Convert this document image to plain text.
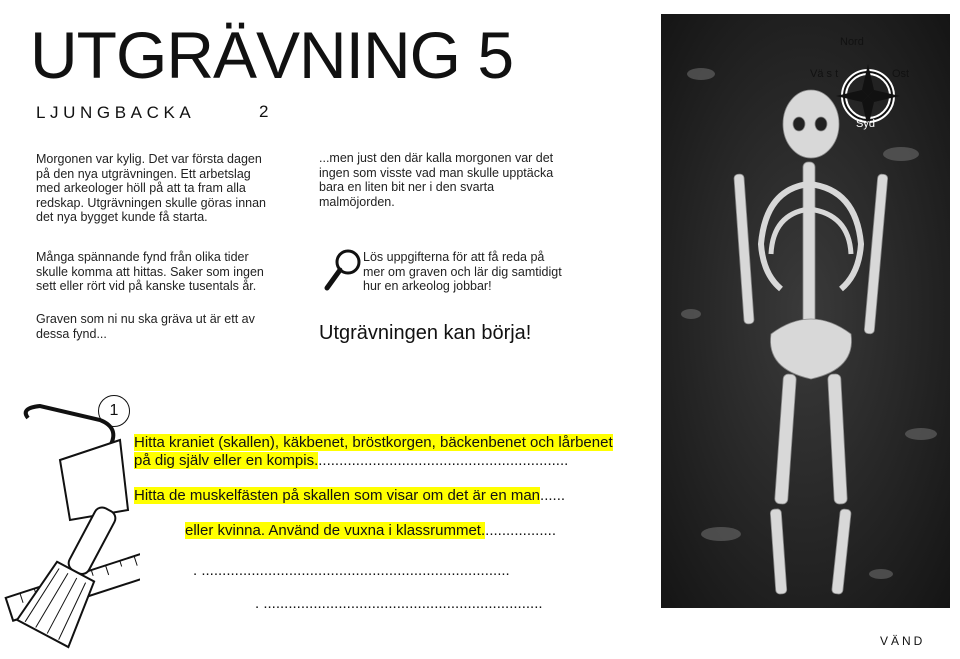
UTGRÄVNING 5
LJUNGBACKA	2
Morgonen var kylig. Det var första dagen på den nya utgrävningen. Ett arbetslag med arkeologer höll på att ta fram alla redskap. Utgrävningen skulle göras innan det nya bygget kunde få starta.
...men just den där kalla morgonen var det ingen som visste vad man skulle upptäcka bara en liten bit ner i den svarta malmöjorden.
Många spännande fynd från olika tider skulle komma att hittas. Saker som ingen sett eller rört vid på kanske tusentals år.
Graven som ni nu ska gräva ut är ett av dessa fynd...
Lös uppgifterna för att få reda på mer om graven och lär dig samtidigt hur en arkeolog jobbar!
Utgrävningen kan börja!
Nord
Vä s t	Ost
Syd
1
Hitta kraniet (skallen), käkbenet, bröstkorgen, bäckenbenet och lårbenet
på dig själv eller en kompis.............................................................
Hitta de muskelfästen på skallen som visar om det är en man......
eller kvinna. Använd de vuxna i klassrummet..................
. ..........................................................................
. ...................................................................
VÄND
